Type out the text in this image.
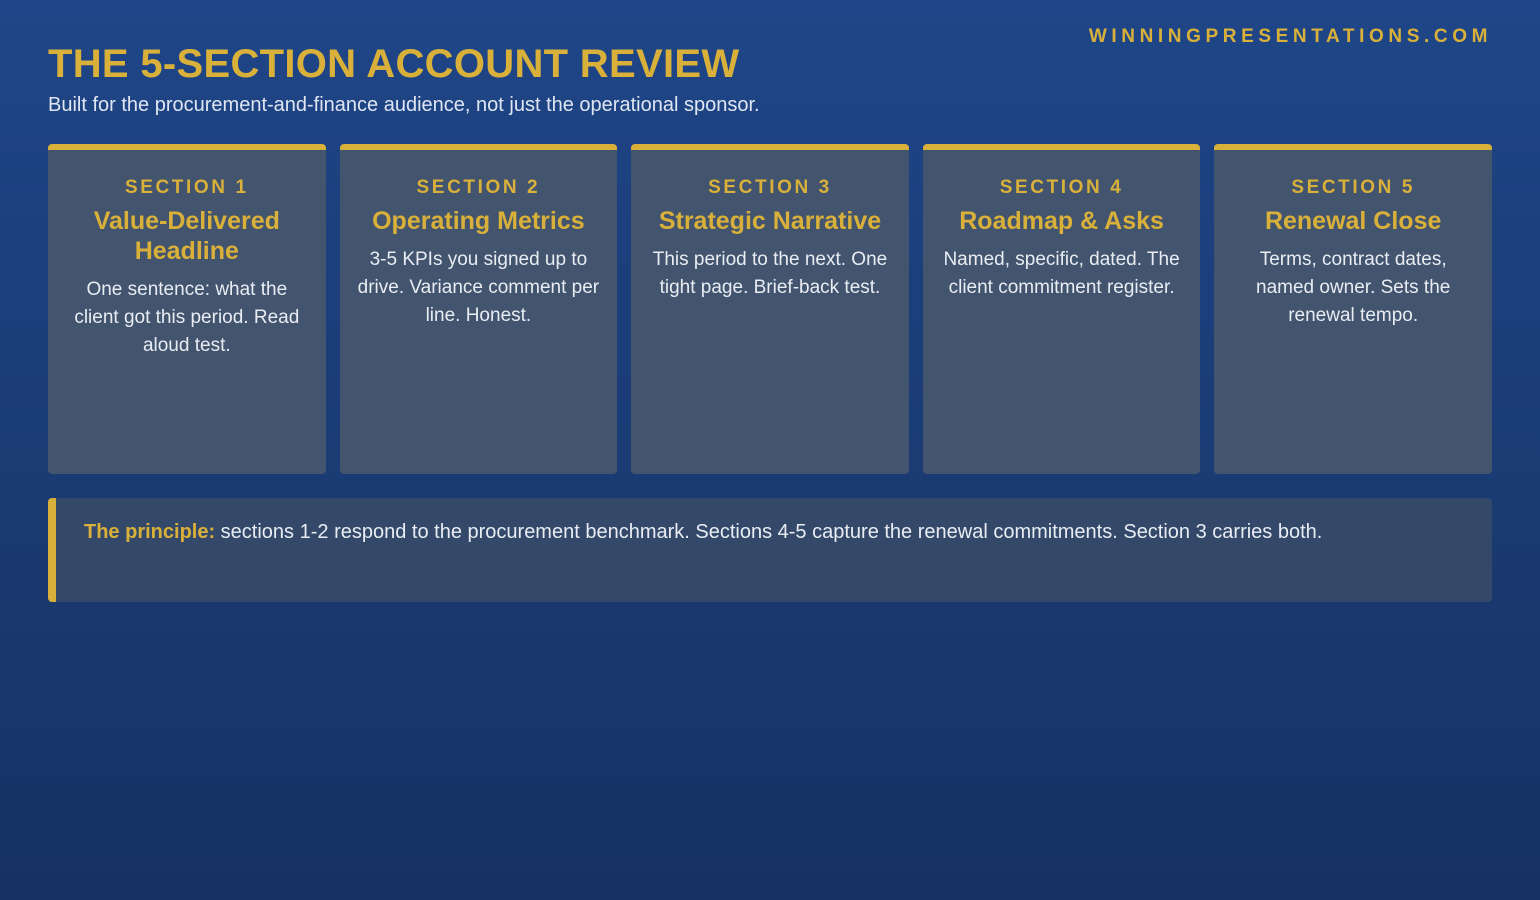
WINNINGPRESENTATIONS.COM
THE 5-SECTION ACCOUNT REVIEW

Built for the procurement-and-finance audience, not just the operational sponsor.

SECTION 1

Value-Delivered Headline

One sentence: what the client got this period. Read aloud test.

SECTION 2

Operating Metrics

3-5 KPIs you signed up to drive. Variance comment per line. Honest.

SECTION 3

Strategic Narrative

This period to the next. One tight page. Brief-back test.

SECTION 4

Roadmap & Asks

Named, specific, dated. The client commitment register.

SECTION 5

Renewal Close

Terms, contract dates, named owner. Sets the renewal tempo.

The principle: sections 1-2 respond to the procurement benchmark. Sections 4-5 capture the renewal commitments. Section 3 carries both.
